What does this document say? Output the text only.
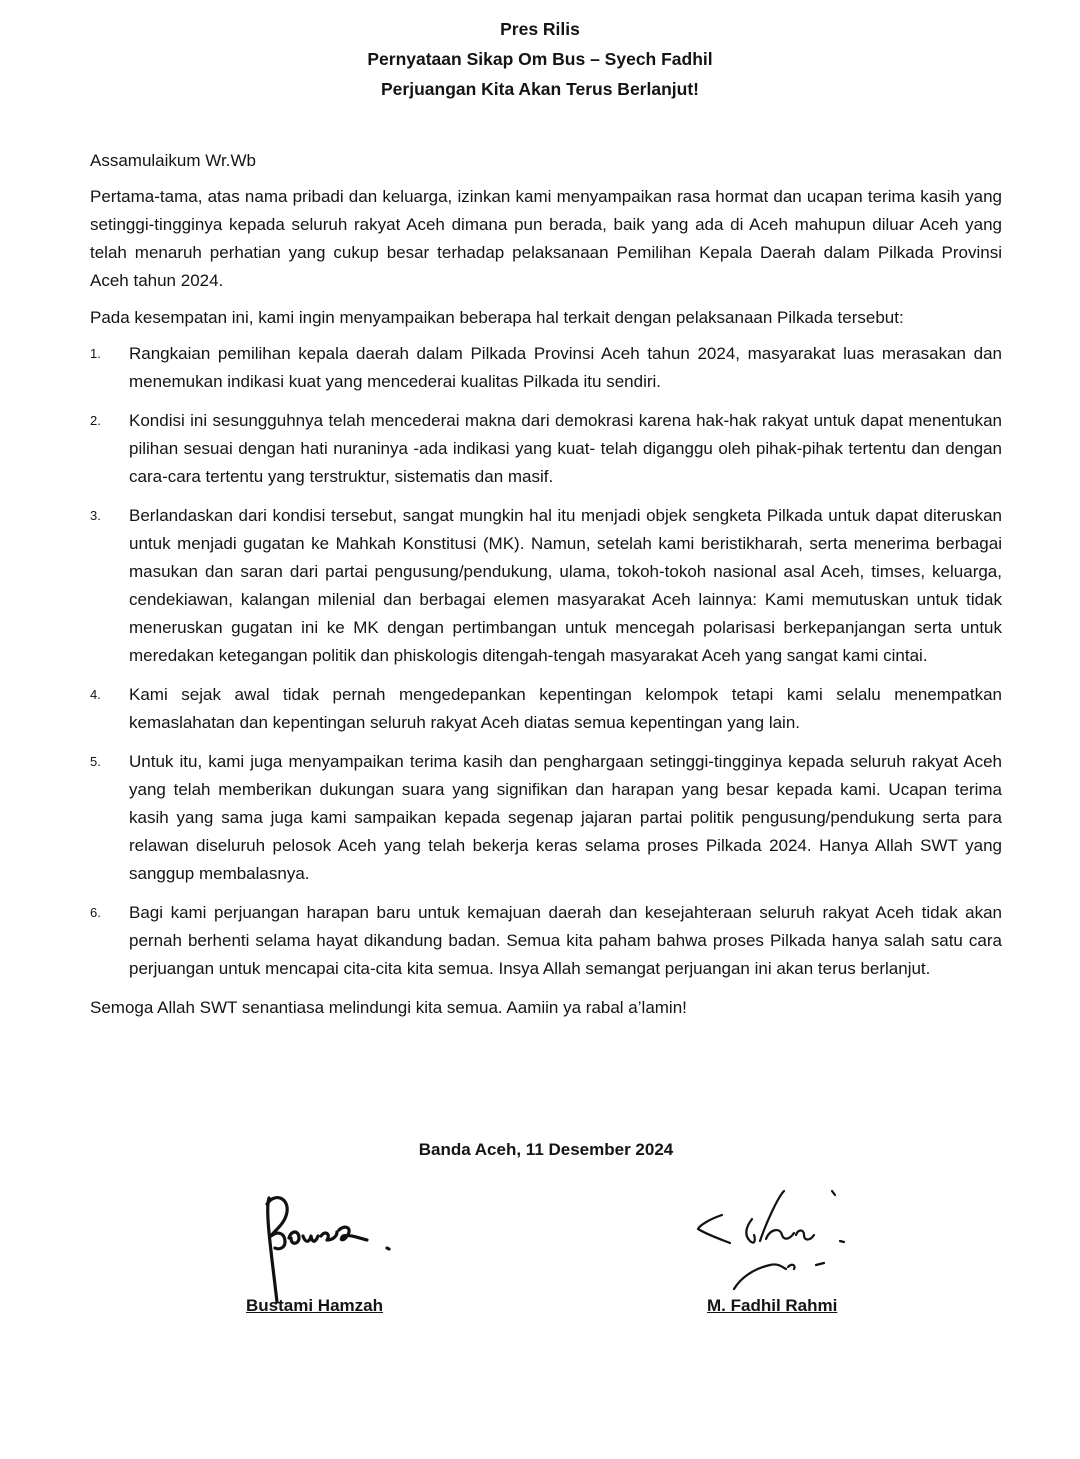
Pres Rilis
Pernyataan Sikap Om Bus – Syech Fadhil
Perjuangan Kita Akan Terus Berlanjut!

Assamulaikum Wr.Wb

Pertama-tama, atas nama pribadi dan keluarga, izinkan kami menyampaikan rasa hormat dan ucapan terima kasih yang setinggi-tingginya kepada seluruh rakyat Aceh dimana pun berada, baik yang ada di Aceh mahupun diluar Aceh yang telah menaruh perhatian yang cukup besar terhadap pelaksanaan Pemilihan Kepala Daerah dalam Pilkada Provinsi Aceh tahun 2024.

Pada kesempatan ini, kami ingin menyampaikan beberapa hal terkait dengan pelaksanaan Pilkada tersebut:

1. Rangkaian pemilihan kepala daerah dalam Pilkada Provinsi Aceh tahun 2024, masyarakat luas merasakan dan menemukan indikasi kuat yang mencederai kualitas Pilkada itu sendiri.
2. Kondisi ini sesungguhnya telah mencederai makna dari demokrasi karena hak-hak rakyat untuk dapat menentukan pilihan sesuai dengan hati nuraninya -ada indikasi yang kuat- telah diganggu oleh pihak-pihak tertentu dan dengan cara-cara tertentu yang terstruktur, sistematis dan masif.
3. Berlandaskan dari kondisi tersebut, sangat mungkin hal itu menjadi objek sengketa Pilkada untuk dapat diteruskan untuk menjadi gugatan ke Mahkah Konstitusi (MK). Namun, setelah kami beristikharah, serta menerima berbagai masukan dan saran dari partai pengusung/pendukung, ulama, tokoh-tokoh nasional asal Aceh, timses, keluarga, cendekiawan, kalangan milenial dan berbagai elemen masyarakat Aceh lainnya: Kami memutuskan untuk tidak meneruskan gugatan ini ke MK dengan pertimbangan untuk mencegah polarisasi berkepanjangan serta untuk meredakan ketegangan politik dan phiskologis ditengah-tengah masyarakat Aceh yang sangat kami cintai.
4. Kami sejak awal tidak pernah mengedepankan kepentingan kelompok tetapi kami selalu menempatkan kemaslahatan dan kepentingan seluruh rakyat Aceh diatas semua kepentingan yang lain.
5. Untuk itu, kami juga menyampaikan terima kasih dan penghargaan setinggi-tingginya kepada seluruh rakyat Aceh yang telah memberikan dukungan suara yang signifikan dan harapan yang besar kepada kami. Ucapan terima kasih yang sama juga kami sampaikan kepada segenap jajaran partai politik pengusung/pendukung serta para relawan diseluruh pelosok Aceh yang telah bekerja keras selama proses Pilkada 2024. Hanya Allah SWT yang sanggup membalasnya.
6. Bagi kami perjuangan harapan baru untuk kemajuan daerah dan kesejahteraan seluruh rakyat Aceh tidak akan pernah berhenti selama hayat dikandung badan. Semua kita paham bahwa proses Pilkada hanya salah satu cara perjuangan untuk mencapai cita-cita kita semua. Insya Allah semangat perjuangan ini akan terus berlanjut.

Semoga Allah SWT senantiasa melindungi kita semua. Aamiin ya rabal a’lamin!

Banda Aceh, 11 Desember 2024
Bustami Hamzah	M. Fadhil Rahmi
